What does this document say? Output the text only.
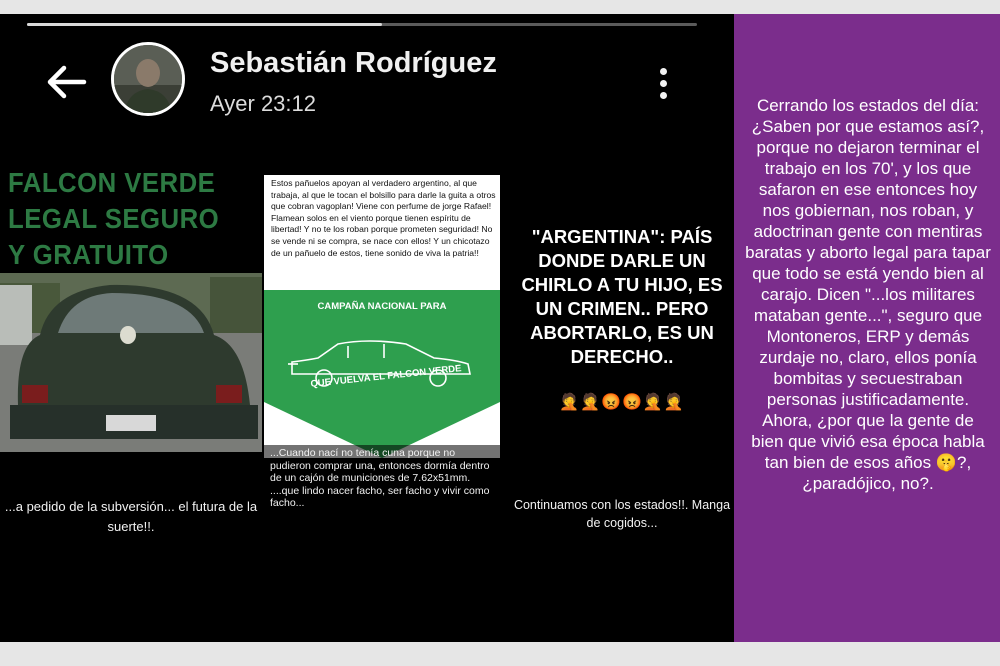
Sebastián Rodríguez
Ayer 23:12
FALCON VERDE LEGAL SEGURO Y GRATUITO
...a pedido de la subversión... el futura de la suerte!!.
Estos pañuelos apoyan al verdadero argentino, al que trabaja, al que le tocan el bolsillo para darle la guita a otros que cobran vagoplan! Viene con perfume de jorge Rafael! Flamean solos en el viento porque tienen espíritu de libertad! Y no te los roban porque prometen seguridad! No se vende ni se compra, se nace con ellos! Y un chicotazo de un pañuelo de estos, tiene sonido de viva la patria!!
CAMPAÑA NACIONAL PARA
QUE VUELVA EL FALCON VERDE
...Cuando nací no tenía cuna porque no pudieron comprar una, entonces dormía dentro de un cajón de municiones de 7.62x51mm. ....que lindo nacer facho, ser facho y vivir como facho...
"ARGENTINA": PAÍS DONDE DARLE UN CHIRLO A TU HIJO, ES UN CRIMEN.. PERO ABORTARLO, ES UN DERECHO..
🤦🤦😡😡🤦🤦
Continuamos con los estados!!. Manga de cogidos...
Cerrando los estados del día: ¿Saben por que estamos así?, porque no dejaron terminar el trabajo en los 70', y los que safaron en ese entonces hoy nos gobiernan, nos roban, y adoctrinan gente con mentiras baratas y aborto legal para tapar que todo se está yendo bien al carajo. Dicen "...los militares mataban gente...", seguro que Montoneros, ERP y demás zurdaje no, claro, ellos ponía bombitas y secuestraban personas justificadamente. Ahora, ¿por que la gente de bien que vivió esa época habla tan bien de esos años 🤫?, ¿paradójico, no?.
